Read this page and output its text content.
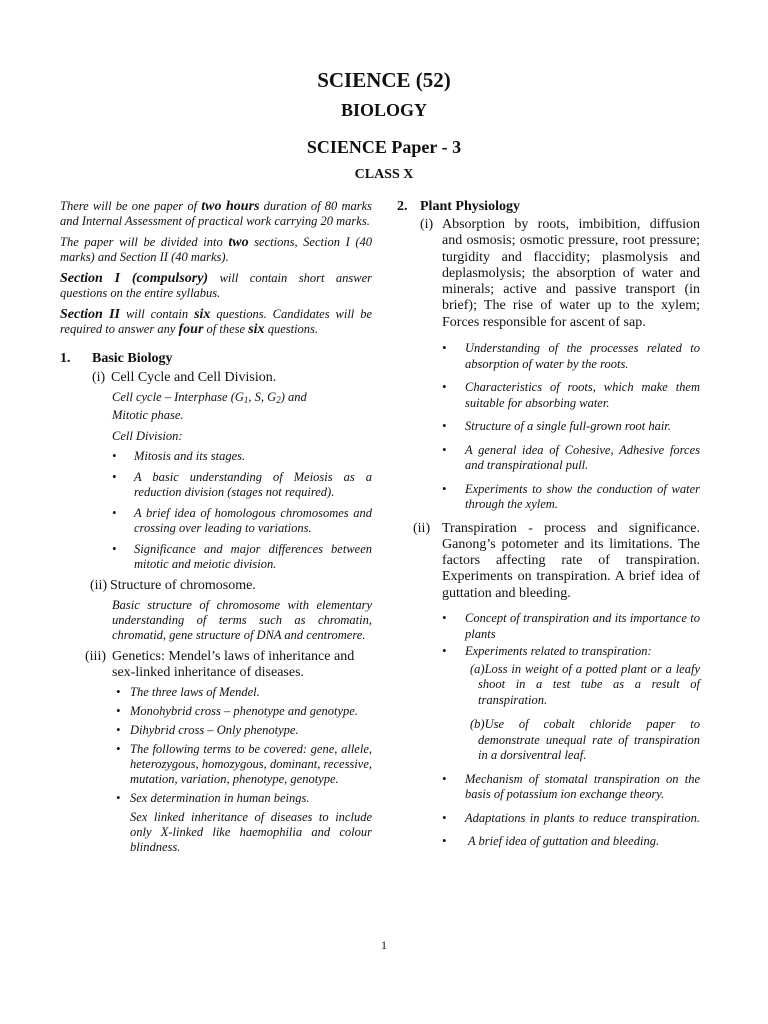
SCIENCE (52)
BIOLOGY
SCIENCE Paper - 3
CLASS X

There will be one paper of two hours duration of 80 marks and Internal Assessment of practical work carrying 20 marks.

The paper will be divided into two sections, Section I (40 marks) and Section II (40 marks).

Section I (compulsory) will contain short answer questions on the entire syllabus.

Section II will contain six questions. Candidates will be required to answer any four of these six questions.

1. Basic Biology
(i) Cell Cycle and Cell Division.

Cell cycle – Interphase ($G_1$, S, $G_2$) and Mitotic phase.

Cell Division:

• Mitosis and its stages.

• A basic understanding of Meiosis as a reduction division (stages not required).

• A brief idea of homologous chromosomes and crossing over leading to variations.

• Significance and major differences between mitotic and meiotic division.

(ii) Structure of chromosome.

Basic structure of chromosome with elementary understanding of terms such as chromatin, chromatid, gene structure of DNA and centromere.

(iii) Genetics: Mendel’s laws of inheritance and sex-linked inheritance of diseases.
• The three laws of Mendel.

• Monohybrid cross – phenotype and genotype.

• Dihybrid cross – Only phenotype.

• The following terms to be covered: gene, allele, heterozygous, homozygous, dominant, recessive, mutation, variation, phenotype, genotype.

• Sex determination in human beings.

Sex linked inheritance of diseases to include only X-linked like haemophilia and colour blindness.

2. Plant Physiology
(i) Absorption by roots, imbibition, diffusion and osmosis; osmotic pressure, root pressure; turgidity and flaccidity; plasmolysis and deplasmolysis; the absorption of water and minerals; active and passive transport (in brief); The rise of water up to the xylem; Forces responsible for ascent of sap.

• Understanding of the processes related to absorption of water by the roots.

• Characteristics of roots, which make them suitable for absorbing water.

• Structure of a single full-grown root hair.

• A general idea of Cohesive, Adhesive forces and transpirational pull.

• Experiments to show the conduction of water through the xylem.

(ii) Transpiration - process and significance. Ganong’s potometer and its limitations. The factors affecting rate of transpiration. Experiments on transpiration. A brief idea of guttation and bleeding.

• Concept of transpiration and its importance to plants

• Experiments related to transpiration:

(a)Loss in weight of a potted plant or a leafy shoot in a test tube as a result of transpiration.

(b)Use of cobalt chloride paper to demonstrate unequal rate of transpiration in a dorsiventral leaf.

• Mechanism of stomatal transpiration on the basis of potassium ion exchange theory.

• Adaptations in plants to reduce transpiration.

• A brief idea of guttation and bleeding.

1
